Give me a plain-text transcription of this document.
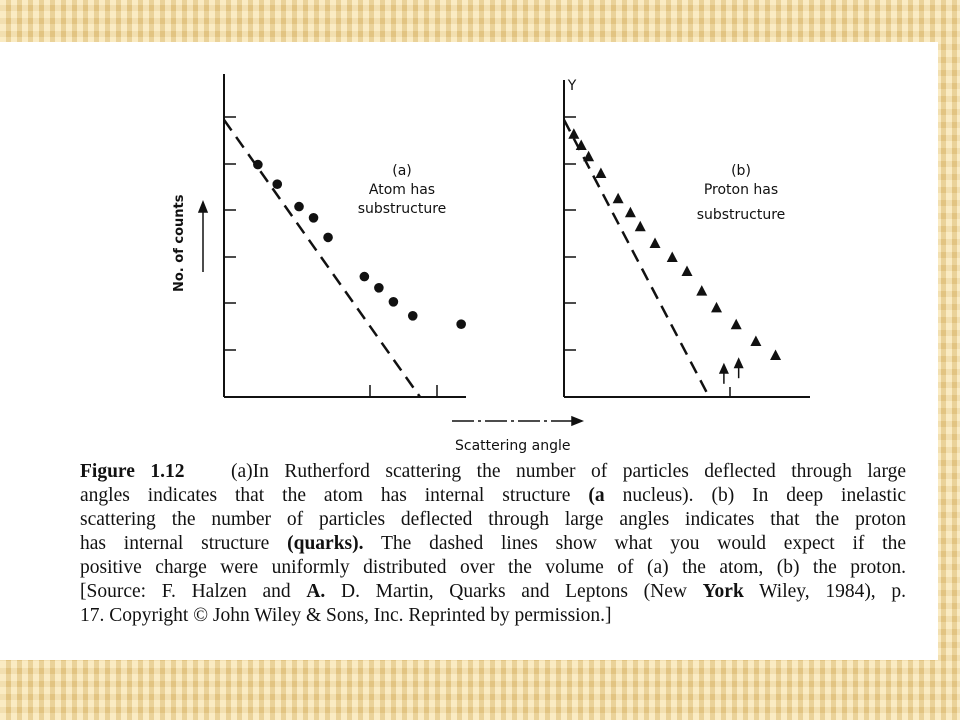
Y
No. of counts
Scattering angle
(a)
Atom has
substructure
(b)
Proton has
substructure
Figure 1.12 (a)In Rutherford scattering the number of particles deflected through large
angles indicates that the atom has internal structure (a nucleus). (b) In deep inelastic
scattering the number of particles deflected through large angles indicates that the proton
has internal structure (quarks). The dashed lines show what you would expect if the
positive charge were uniformly distributed over the volume of (a) the atom, (b) the proton.
[Source: F. Halzen and A. D. Martin, Quarks and Leptons (New York Wiley, 1984), p.
17. Copyright © John Wiley & Sons, Inc. Reprinted by permission.]
